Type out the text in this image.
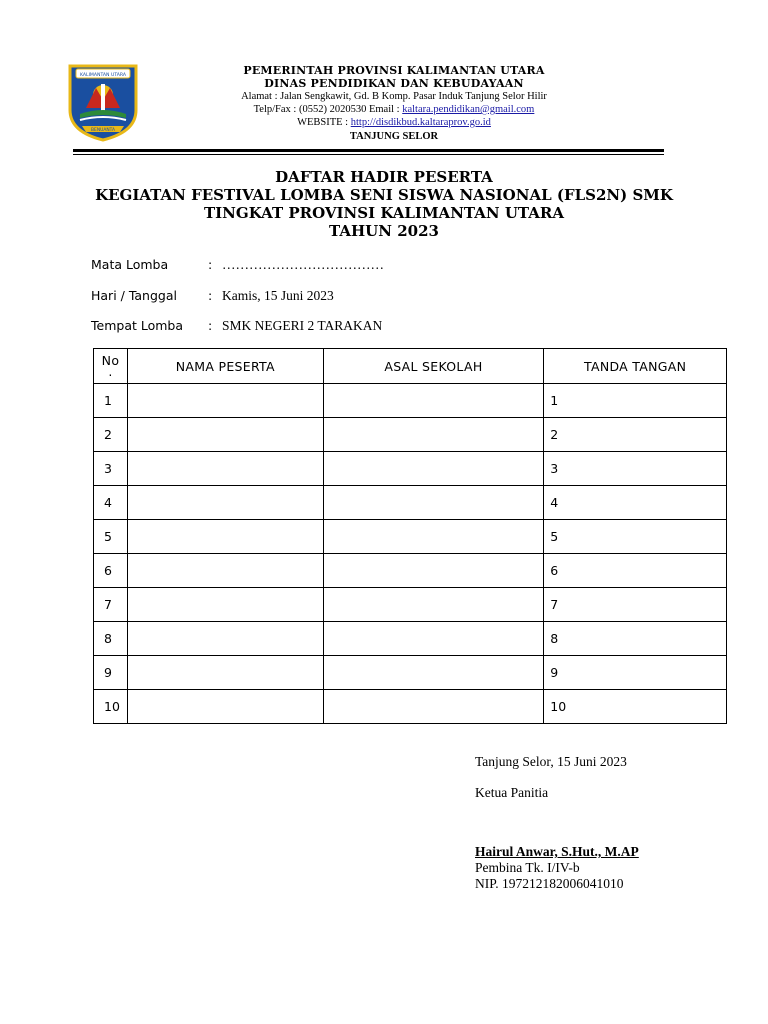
KALIMANTAN UTARA
BENUANTA
PEMERINTAH PROVINSI KALIMANTAN UTARA
DINAS PENDIDIKAN DAN KEBUDAYAAN
Alamat : Jalan Sengkawit, Gd. B Komp. Pasar Induk Tanjung Selor Hilir
Telp/Fax : (0552) 2020530 Email : kaltara.pendidikan@gmail.com
WEBSITE : http://disdikbud.kaltaraprov.go.id
TANJUNG SELOR
DAFTAR HADIR PESERTA
KEGIATAN FESTIVAL LOMBA SENI SISWA NASIONAL (FLS2N) SMK
TINGKAT PROVINSI KALIMANTAN UTARA
TAHUN 2023
Mata Lomba	: ………………………………
Hari / Tanggal : Kamis, 15 Juni 2023
Tempat Lomba : SMK NEGERI 2 TARAKAN
No
.	NAMA PESERTA	ASAL SEKOLAH	TANDA TANGAN
1			1
2			2
3			3
4			4
5			5
6			6
7			7
8			8
9			9
10			10
Tanjung Selor, 15 Juni 2023
Ketua Panitia
Hairul Anwar, S.Hut., M.AP
Pembina Tk. I/IV-b
NIP. 197212182006041010
